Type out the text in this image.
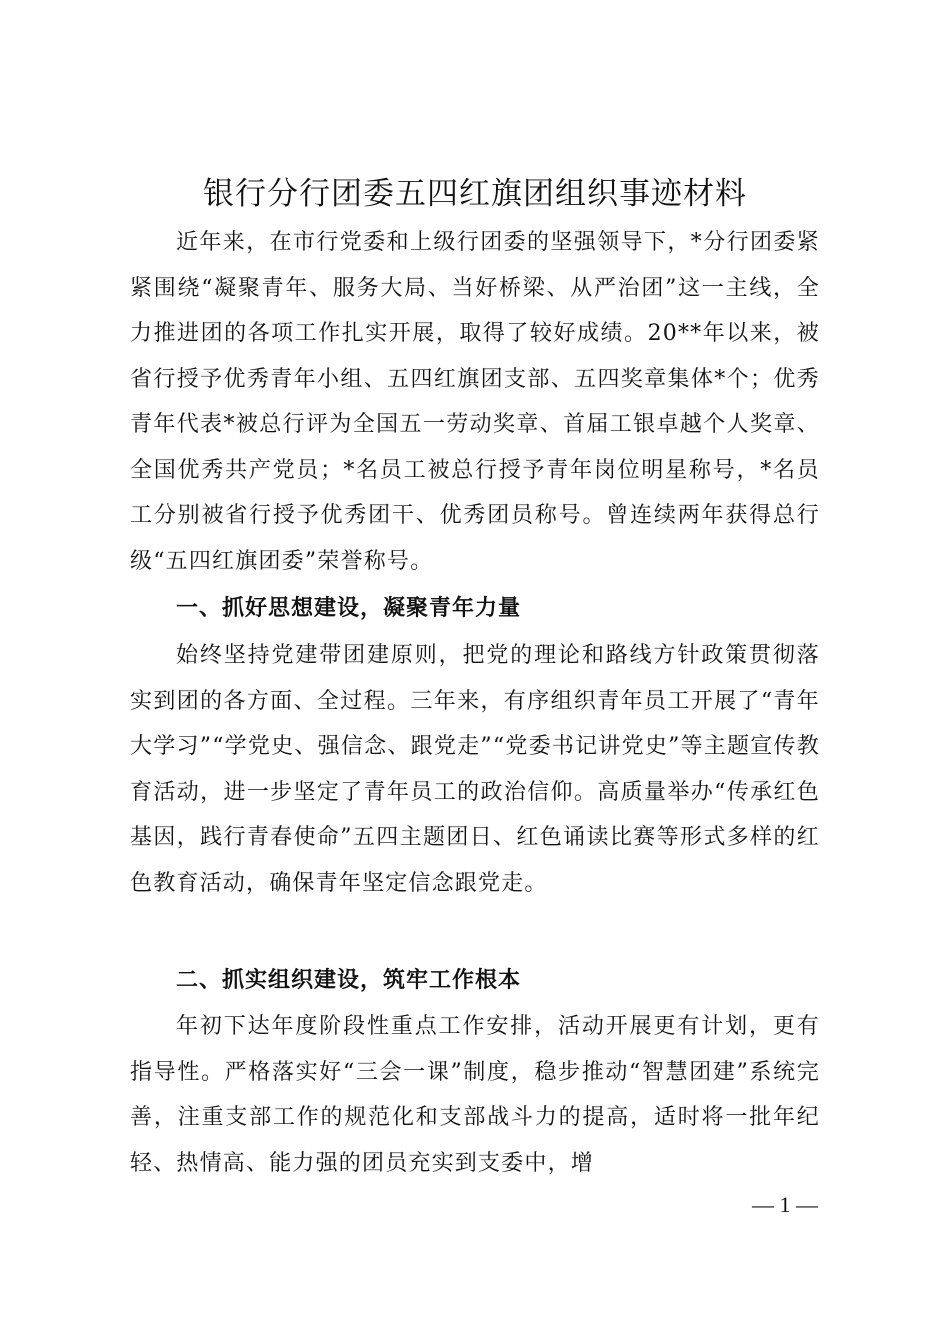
银行分行团委五四红旗团组织事迹材料

近年来，在市行党委和上级行团委的坚强领导下，*分行团委紧紧围绕“凝聚青年、服务大局、当好桥梁、从严治团”这一主线，全力推进团的各项工作扎实开展，取得了较好成绩。20**年以来，被省行授予优秀青年小组、五四红旗团支部、五四奖章集体*个；优秀青年代表*被总行评为全国五一劳动奖章、首届工银卓越个人奖章、全国优秀共产党员；*名员工被总行授予青年岗位明星称号，*名员工分别被省行授予优秀团干、优秀团员称号。曾连续两年获得总行级“五四红旗团委”荣誉称号。

一、抓好思想建设，凝聚青年力量

始终坚持党建带团建原则，把党的理论和路线方针政策贯彻落实到团的各方面、全过程。三年来，有序组织青年员工开展了“青年大学习”“学党史、强信念、跟党走”“党委书记讲党史”等主题宣传教育活动，进一步坚定了青年员工的政治信仰。高质量举办“传承红色基因，践行青春使命”五四主题团日、红色诵读比赛等形式多样的红色教育活动，确保青年坚定信念跟党走。

二、抓实组织建设，筑牢工作根本

年初下达年度阶段性重点工作安排，活动开展更有计划，更有指导性。严格落实好“三会一课”制度，稳步推动“智慧团建”系统完善，注重支部工作的规范化和支部战斗力的提高，适时将一批年纪轻、热情高、能力强的团员充实到支委中，增

— 1 —
